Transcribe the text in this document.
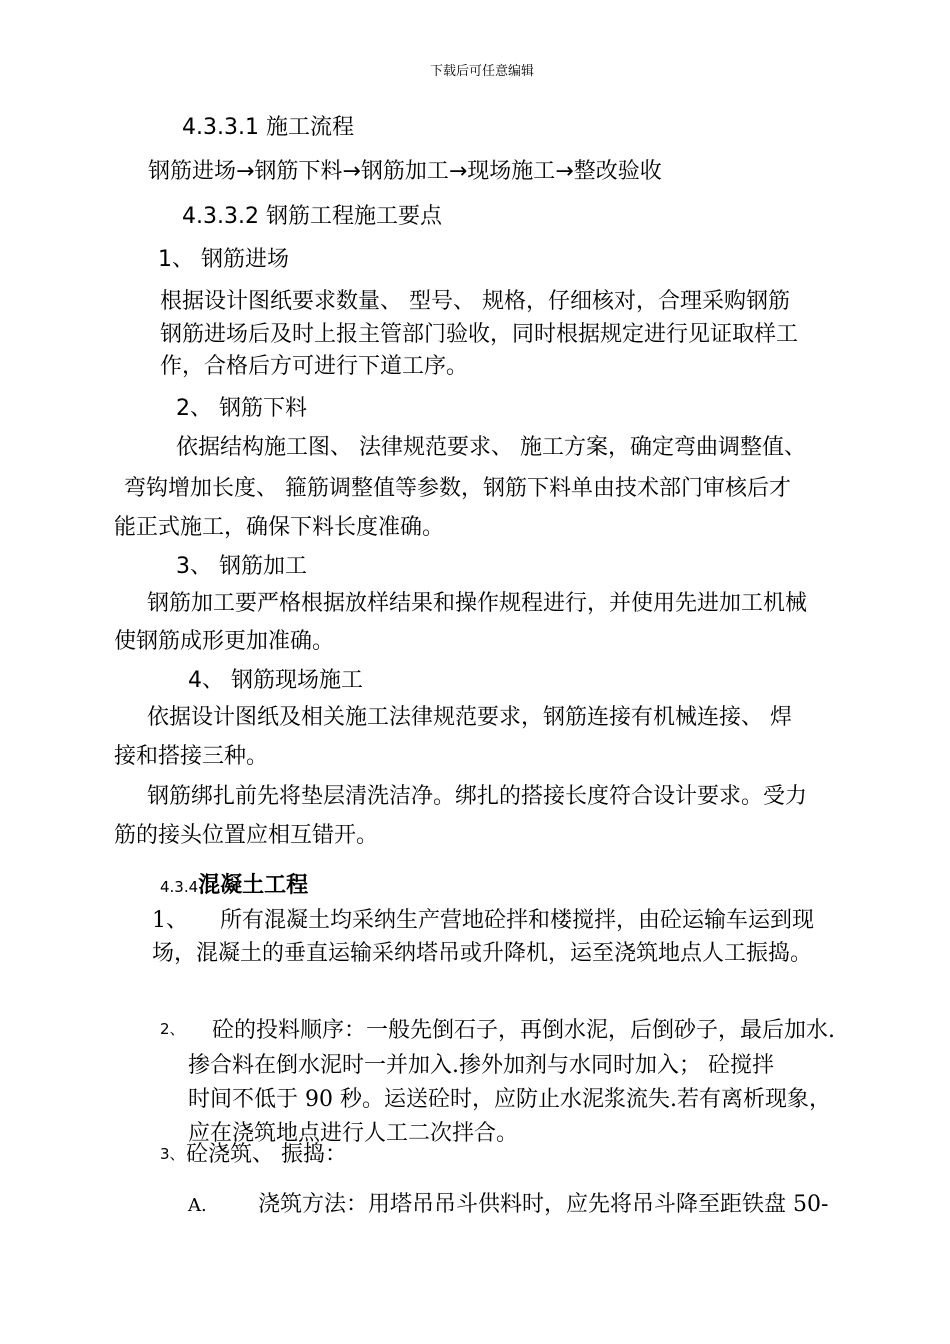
下载后可任意编辑
4.3.3.1 施工流程
钢筋进场→钢筋下料→钢筋加工→现场施工→整改验收
4.3.3.2 钢筋工程施工要点
1、 钢筋进场
根据设计图纸要求数量、 型号、 规格，仔细核对，合理采购钢筋
钢筋进场后及时上报主管部门验收，同时根据规定进行见证取样工
作，合格后方可进行下道工序。
2、 钢筋下料
依据结构施工图、 法律规范要求、 施工方案，确定弯曲调整值、
弯钩增加长度、 箍筋调整值等参数，钢筋下料单由技术部门审核后才
能正式施工，确保下料长度准确。
3、 钢筋加工
钢筋加工要严格根据放样结果和操作规程进行，并使用先进加工机械
使钢筋成形更加准确。
4、 钢筋现场施工
依据设计图纸及相关施工法律规范要求，钢筋连接有机械连接、 焊
接和搭接三种。
钢筋绑扎前先将垫层清洗洁净。绑扎的搭接长度符合设计要求。受力
筋的接头位置应相互错开。
4.3.4混凝土工程
1、 所有混凝土均采纳生产营地砼拌和楼搅拌，由砼运输车运到现
场，混凝土的垂直运输采纳塔吊或升降机，运至浇筑地点人工振捣。
2、 砼的投料顺序：一般先倒石子，再倒水泥，后倒砂子，最后加水.
掺合料在倒水泥时一并加入.掺外加剂与水同时加入； 砼搅拌
时间不低于 90 秒。运送砼时，应防止水泥浆流失.若有离析现象，
应在浇筑地点进行人工二次拌合。
3、 砼浇筑、 振捣：
A. 浇筑方法：用塔吊吊斗供料时，应先将吊斗降至距铁盘 50-
